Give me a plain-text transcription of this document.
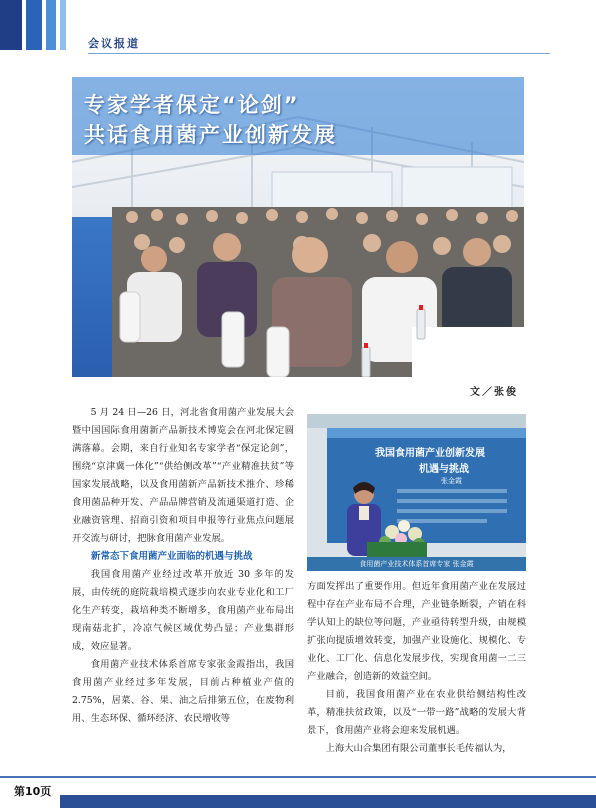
会议报道
专家学者保定“论剑”
共话食用菌产业创新发展
文／张俊

5 月 24 日—26 日，河北省食用菌产业发展大会暨中国国际食用菌新产品新技术博览会在河北保定圆满落幕。会期，来自行业知名专家学者“保定论剑”，围绕“京津冀一体化”“供给侧改革”“产业精准扶贫”等国家发展战略，以及食用菌新产品新技术推介、珍稀食用菌品种开发、产品品牌营销及流通渠道打造、企业融资管理、招商引资和项目申报等行业焦点问题展开交流与研讨，把脉食用菌产业发展。

新常态下食用菌产业面临的机遇与挑战

我国食用菌产业经过改革开放近 30 多年的发展，由传统的庭院栽培模式逐步向农业专业化和工厂化生产转变，栽培种类不断增多，食用菌产业布局出现南菇北扩，冷凉气候区域优势凸显；产业集群形成，效应显著。

食用菌产业技术体系首席专家张金霞指出，我国食用菌产业经过多年发展，目前占种植业产值的 2.75%，居菜、谷、果、油之后排第五位，在废物利用、生态环保、循环经济、农民增收等

我国食用菌产业创新发展
机遇与挑战
张金霞
食用菌产业技术体系首席专家 张金霞

方面发挥出了重要作用。但近年食用菌产业在发展过程中存在产业布局不合理，产业链条断裂，产销在科学认知上的缺位等问题，产业亟待转型升级，由规模扩张向提质增效转变，加强产业设施化、规模化、专业化、工厂化、信息化发展步伐，实现食用菌一二三产业融合，创造新的效益空间。

目前，我国食用菌产业在农业供给侧结构性改革，精准扶贫政策，以及“一带一路”战略的发展大背景下，食用菌产业将会迎来发展机遇。

上海大山合集团有限公司董事长毛传福认为，

第10页
